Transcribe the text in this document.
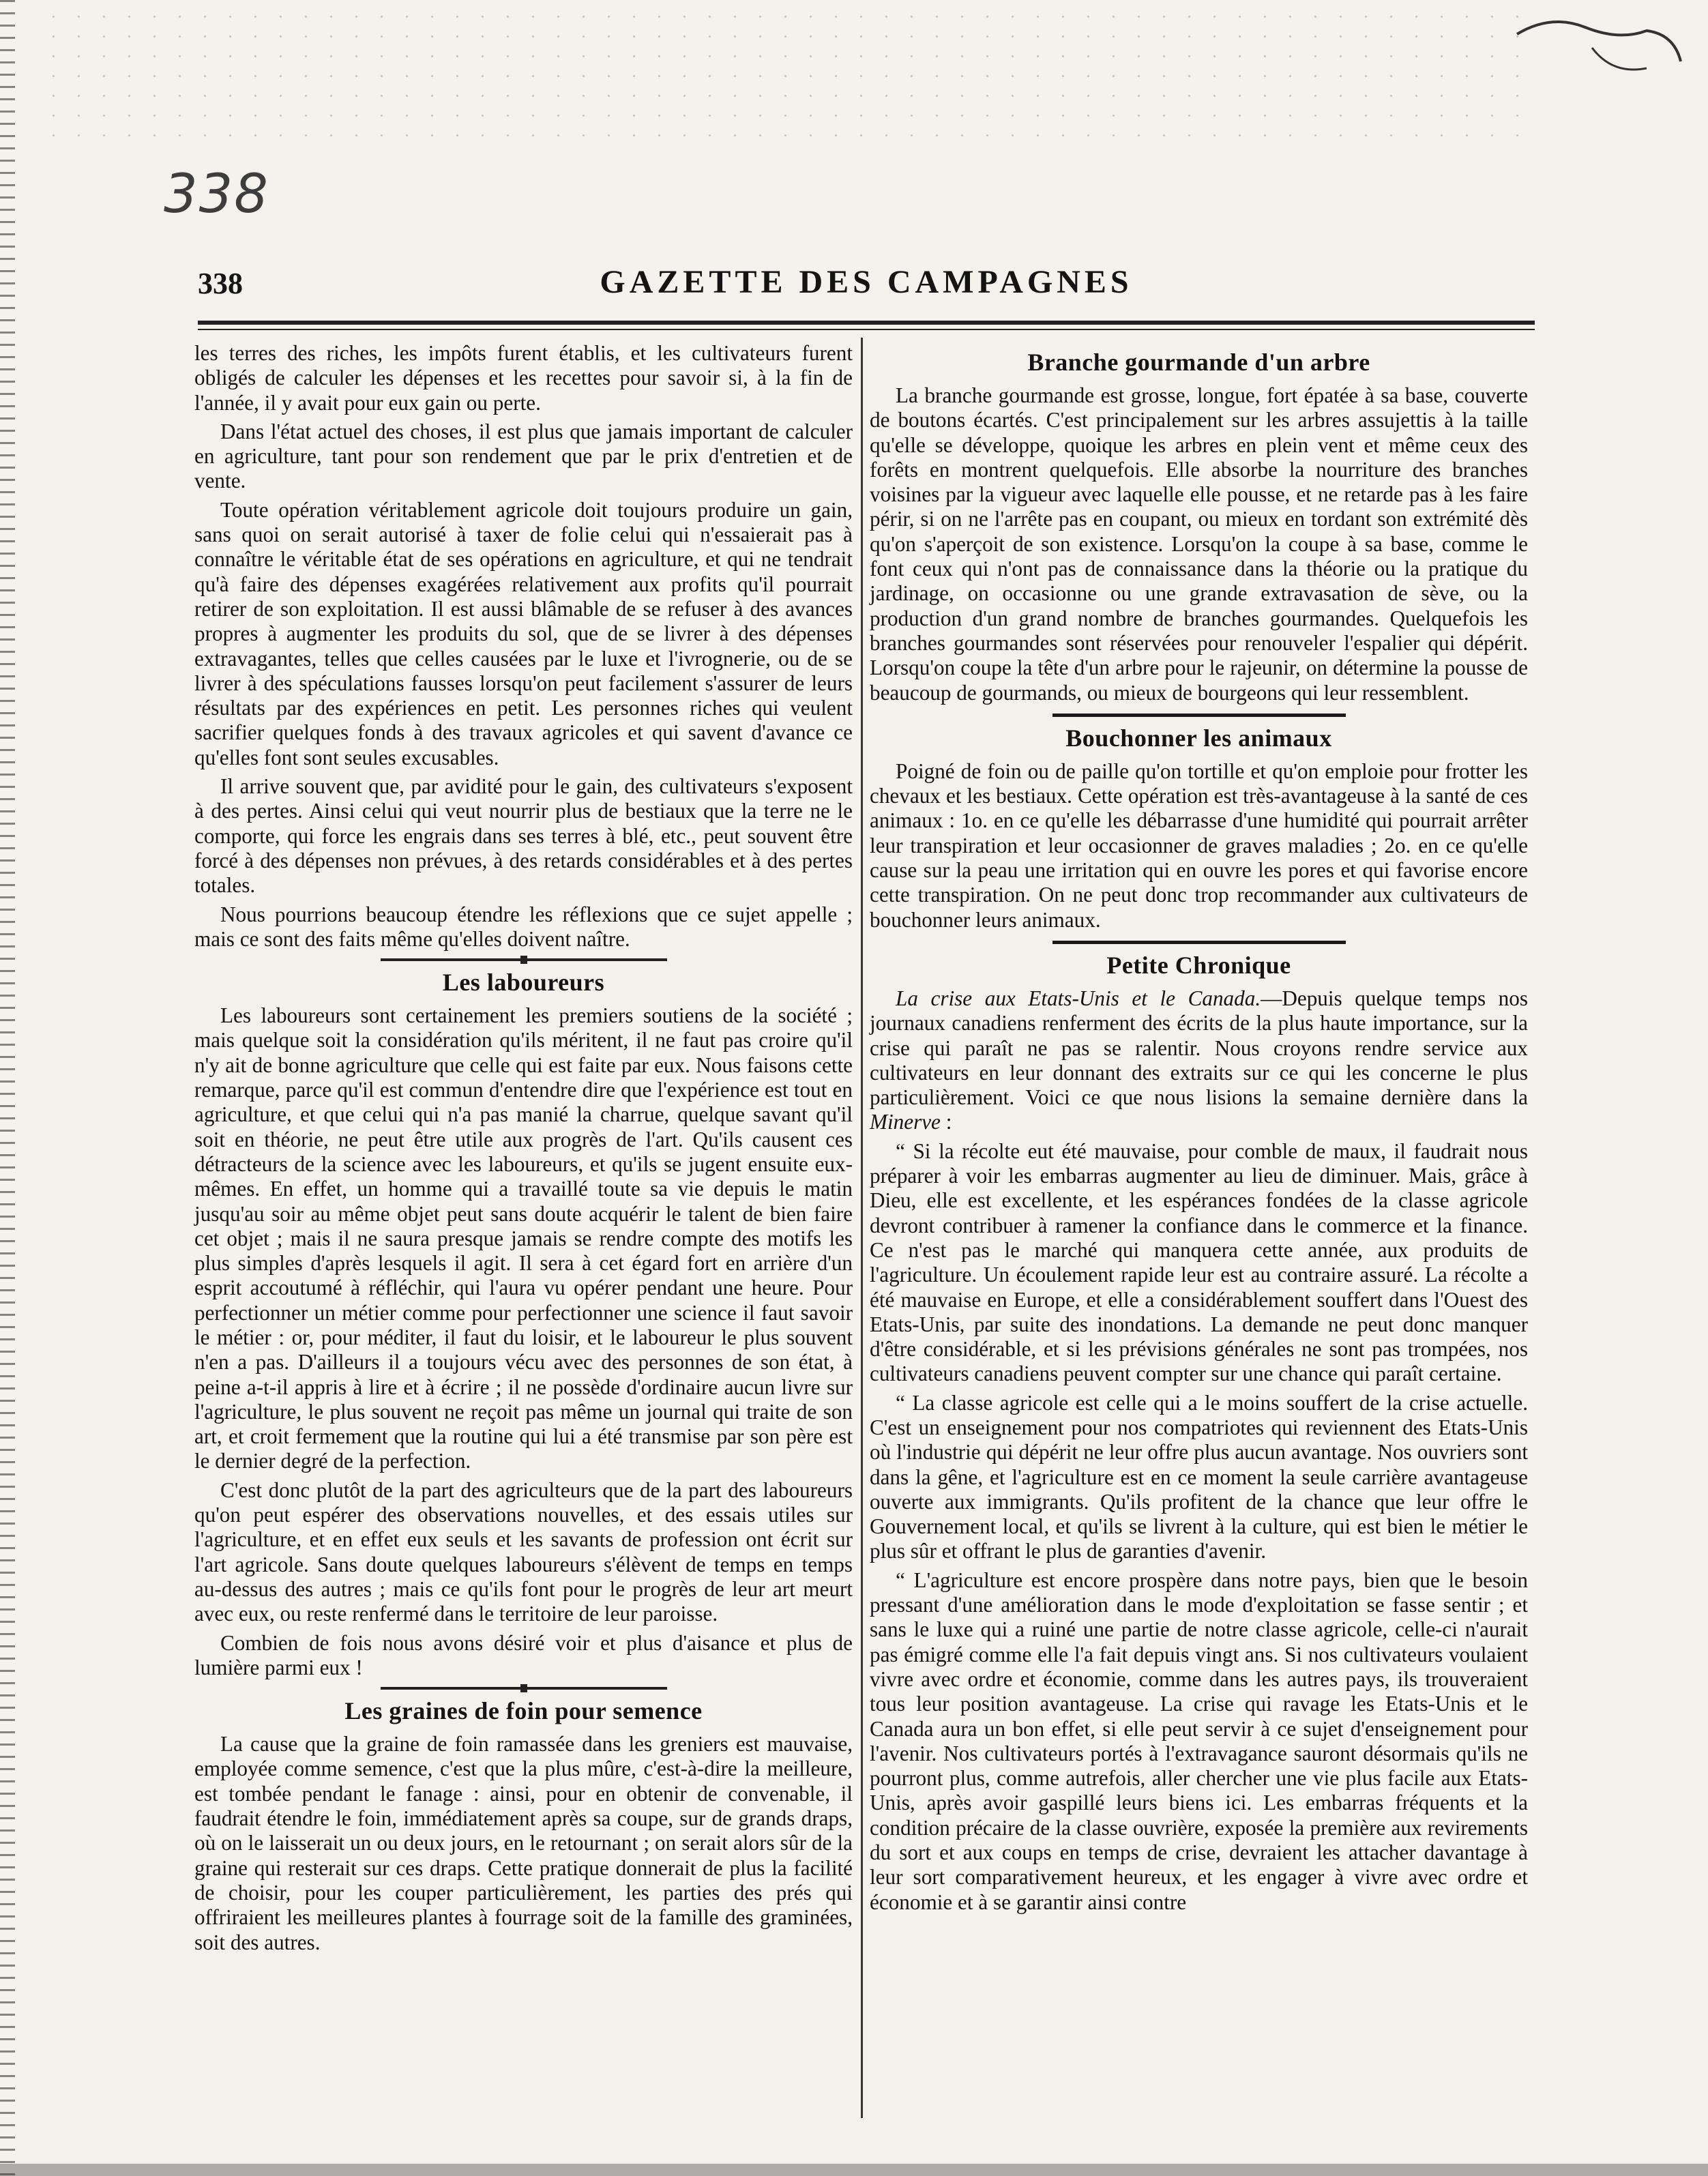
338
338	GAZETTE DES CAMPAGNES

les terres des riches, les impôts furent établis, et les cultivateurs furent obligés de calculer les dépenses et les recettes pour savoir si, à la fin de l'année, il y avait pour eux gain ou perte.

Dans l'état actuel des choses, il est plus que jamais important de calculer en agriculture, tant pour son rendement que par le prix d'entretien et de vente.

Toute opération véritablement agricole doit toujours produire un gain, sans quoi on serait autorisé à taxer de folie celui qui n'essaierait pas à connaître le véritable état de ses opérations en agriculture, et qui ne tendrait qu'à faire des dépenses exagérées relativement aux profits qu'il pourrait retirer de son exploitation. Il est aussi blâmable de se refuser à des avances propres à augmenter les produits du sol, que de se livrer à des dépenses extravagantes, telles que celles causées par le luxe et l'ivrognerie, ou de se livrer à des spéculations fausses lorsqu'on peut facilement s'assurer de leurs résultats par des expériences en petit. Les personnes riches qui veulent sacrifier quelques fonds à des travaux agricoles et qui savent d'avance ce qu'elles font sont seules excusables.

Il arrive souvent que, par avidité pour le gain, des cultivateurs s'exposent à des pertes. Ainsi celui qui veut nourrir plus de bestiaux que la terre ne le comporte, qui force les engrais dans ses terres à blé, etc., peut souvent être forcé à des dépenses non prévues, à des retards considérables et à des pertes totales.

Nous pourrions beaucoup étendre les réflexions que ce sujet appelle ; mais ce sont des faits même qu'elles doivent naître.

Les laboureurs

Les laboureurs sont certainement les premiers soutiens de la société ; mais quelque soit la considération qu'ils méritent, il ne faut pas croire qu'il n'y ait de bonne agriculture que celle qui est faite par eux. Nous faisons cette remarque, parce qu'il est commun d'entendre dire que l'expérience est tout en agriculture, et que celui qui n'a pas manié la charrue, quelque savant qu'il soit en théorie, ne peut être utile aux progrès de l'art. Qu'ils causent ces détracteurs de la science avec les laboureurs, et qu'ils se jugent ensuite eux-mêmes. En effet, un homme qui a travaillé toute sa vie depuis le matin jusqu'au soir au même objet peut sans doute acquérir le talent de bien faire cet objet ; mais il ne saura presque jamais se rendre compte des motifs les plus simples d'après lesquels il agit. Il sera à cet égard fort en arrière d'un esprit accoutumé à réfléchir, qui l'aura vu opérer pendant une heure. Pour perfectionner un métier comme pour perfectionner une science il faut savoir le métier : or, pour méditer, il faut du loisir, et le laboureur le plus souvent n'en a pas. D'ailleurs il a toujours vécu avec des personnes de son état, à peine a-t-il appris à lire et à écrire ; il ne possède d'ordinaire aucun livre sur l'agriculture, le plus souvent ne reçoit pas même un journal qui traite de son art, et croit fermement que la routine qui lui a été transmise par son père est le dernier degré de la perfection.

C'est donc plutôt de la part des agriculteurs que de la part des laboureurs qu'on peut espérer des observations nouvelles, et des essais utiles sur l'agriculture, et en effet eux seuls et les savants de profession ont écrit sur l'art agricole. Sans doute quelques laboureurs s'élèvent de temps en temps au-dessus des autres ; mais ce qu'ils font pour le progrès de leur art meurt avec eux, ou reste renfermé dans le territoire de leur paroisse.

Combien de fois nous avons désiré voir et plus d'aisance et plus de lumière parmi eux !

Les graines de foin pour semence

La cause que la graine de foin ramassée dans les greniers est mauvaise, employée comme semence, c'est que la plus mûre, c'est-à-dire la meilleure, est tombée pendant le fanage : ainsi, pour en obtenir de convenable, il faudrait étendre le foin, immédiatement après sa coupe, sur de grands draps, où on le laisserait un ou deux jours, en le retournant ; on serait alors sûr de la graine qui resterait sur ces draps. Cette pratique donnerait de plus la facilité de choisir, pour les couper particulièrement, les parties des prés qui offriraient les meilleures plantes à fourrage soit de la famille des graminées, soit des autres.

Branche gourmande d'un arbre

La branche gourmande est grosse, longue, fort épatée à sa base, couverte de boutons écartés. C'est principalement sur les arbres assujettis à la taille qu'elle se développe, quoique les arbres en plein vent et même ceux des forêts en montrent quelquefois. Elle absorbe la nourriture des branches voisines par la vigueur avec laquelle elle pousse, et ne retarde pas à les faire périr, si on ne l'arrête pas en coupant, ou mieux en tordant son extrémité dès qu'on s'aperçoit de son existence. Lorsqu'on la coupe à sa base, comme le font ceux qui n'ont pas de connaissance dans la théorie ou la pratique du jardinage, on occasionne ou une grande extravasation de sève, ou la production d'un grand nombre de branches gourmandes. Quelquefois les branches gourmandes sont réservées pour renouveler l'espalier qui dépérit. Lorsqu'on coupe la tête d'un arbre pour le rajeunir, on détermine la pousse de beaucoup de gourmands, ou mieux de bourgeons qui leur ressemblent.

Bouchonner les animaux

Poigné de foin ou de paille qu'on tortille et qu'on emploie pour frotter les chevaux et les bestiaux. Cette opération est très-avantageuse à la santé de ces animaux : 1o. en ce qu'elle les débarrasse d'une humidité qui pourrait arrêter leur transpiration et leur occasionner de graves maladies ; 2o. en ce qu'elle cause sur la peau une irritation qui en ouvre les pores et qui favorise encore cette transpiration. On ne peut donc trop recommander aux cultivateurs de bouchonner leurs animaux.

Petite Chronique

La crise aux Etats-Unis et le Canada.—Depuis quelque temps nos journaux canadiens renferment des écrits de la plus haute importance, sur la crise qui paraît ne pas se ralentir. Nous croyons rendre service aux cultivateurs en leur donnant des extraits sur ce qui les concerne le plus particulièrement. Voici ce que nous lisions la semaine dernière dans la Minerve :

“ Si la récolte eut été mauvaise, pour comble de maux, il faudrait nous préparer à voir les embarras augmenter au lieu de diminuer. Mais, grâce à Dieu, elle est excellente, et les espérances fondées de la classe agricole devront contribuer à ramener la confiance dans le commerce et la finance. Ce n'est pas le marché qui manquera cette année, aux produits de l'agriculture. Un écoulement rapide leur est au contraire assuré. La récolte a été mauvaise en Europe, et elle a considérablement souffert dans l'Ouest des Etats-Unis, par suite des inondations. La demande ne peut donc manquer d'être considérable, et si les prévisions générales ne sont pas trompées, nos cultivateurs canadiens peuvent compter sur une chance qui paraît certaine.

“ La classe agricole est celle qui a le moins souffert de la crise actuelle. C'est un enseignement pour nos compatriotes qui reviennent des Etats-Unis où l'industrie qui dépérit ne leur offre plus aucun avantage. Nos ouvriers sont dans la gêne, et l'agriculture est en ce moment la seule carrière avantageuse ouverte aux immigrants. Qu'ils profitent de la chance que leur offre le Gouvernement local, et qu'ils se livrent à la culture, qui est bien le métier le plus sûr et offrant le plus de garanties d'avenir.

“ L'agriculture est encore prospère dans notre pays, bien que le besoin pressant d'une amélioration dans le mode d'exploitation se fasse sentir ; et sans le luxe qui a ruiné une partie de notre classe agricole, celle-ci n'aurait pas émigré comme elle l'a fait depuis vingt ans. Si nos cultivateurs voulaient vivre avec ordre et économie, comme dans les autres pays, ils trouveraient tous leur position avantageuse. La crise qui ravage les Etats-Unis et le Canada aura un bon effet, si elle peut servir à ce sujet d'enseignement pour l'avenir. Nos cultivateurs portés à l'extravagance sauront désormais qu'ils ne pourront plus, comme autrefois, aller chercher une vie plus facile aux Etats-Unis, après avoir gaspillé leurs biens ici. Les embarras fréquents et la condition précaire de la classe ouvrière, exposée la première aux revirements du sort et aux coups en temps de crise, devraient les attacher davantage à leur sort comparativement heureux, et les engager à vivre avec ordre et économie et à se garantir ainsi contre
